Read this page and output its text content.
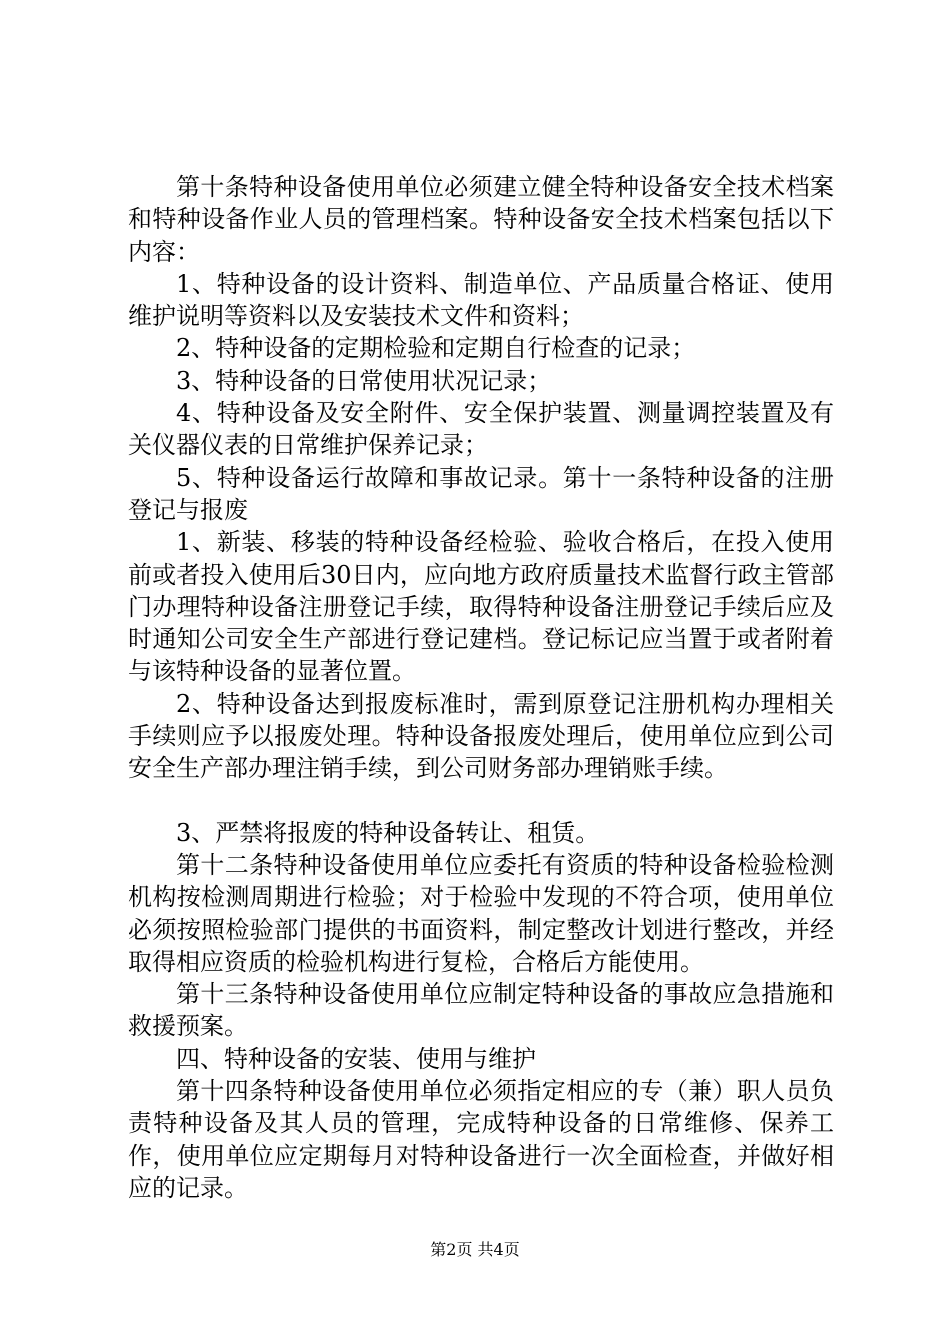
第十条特种设备使用单位必须建立健全特种设备安全技术档案和特种设备作业人员的管理档案。特种设备安全技术档案包括以下内容：

1、特种设备的设计资料、制造单位、产品质量合格证、使用维护说明等资料以及安装技术文件和资料；

2、特种设备的定期检验和定期自行检查的记录；

3、特种设备的日常使用状况记录；

4、特种设备及安全附件、安全保护装置、测量调控装置及有关仪器仪表的日常维护保养记录；

5、特种设备运行故障和事故记录。第十一条特种设备的注册登记与报废

1、新装、移装的特种设备经检验、验收合格后，在投入使用前或者投入使用后30日内，应向地方政府质量技术监督行政主管部门办理特种设备注册登记手续，取得特种设备注册登记手续后应及时通知公司安全生产部进行登记建档。登记标记应当置于或者附着与该特种设备的显著位置。

2、特种设备达到报废标准时，需到原登记注册机构办理相关手续则应予以报废处理。特种设备报废处理后，使用单位应到公司安全生产部办理注销手续，到公司财务部办理销账手续。

3、严禁将报废的特种设备转让、租赁。

第十二条特种设备使用单位应委托有资质的特种设备检验检测机构按检测周期进行检验；对于检验中发现的不符合项，使用单位必须按照检验部门提供的书面资料，制定整改计划进行整改，并经取得相应资质的检验机构进行复检，合格后方能使用。

第十三条特种设备使用单位应制定特种设备的事故应急措施和救援预案。

四、特种设备的安装、使用与维护

第十四条特种设备使用单位必须指定相应的专（兼）职人员负责特种设备及其人员的管理，完成特种设备的日常维修、保养工作，使用单位应定期每月对特种设备进行一次全面检查，并做好相应的记录。

第2页 共4页
